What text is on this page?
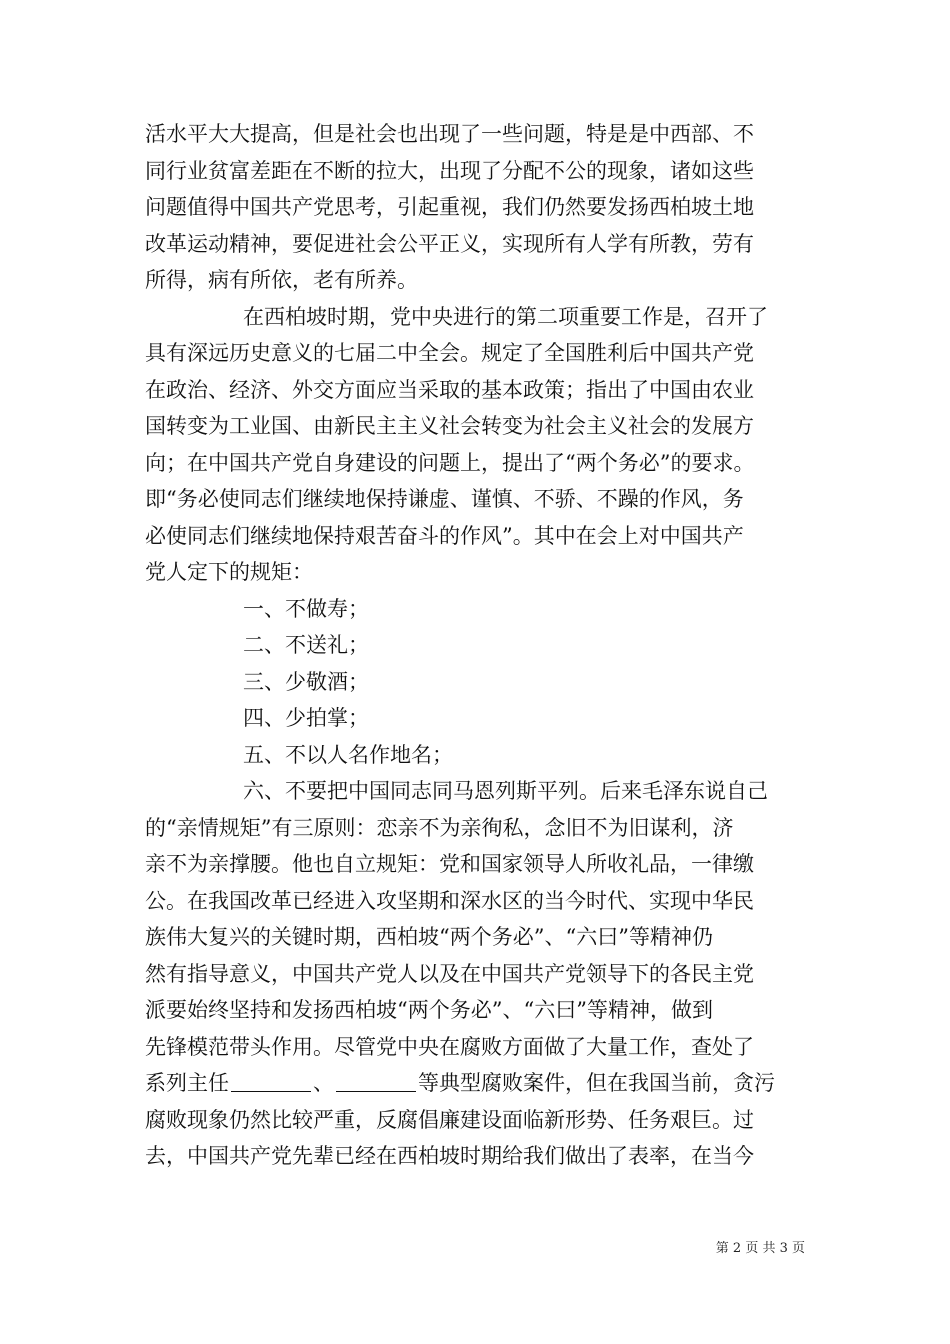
活水平大大提高，但是社会也出现了一些问题，特是是中西部、不
同行业贫富差距在不断的拉大，出现了分配不公的现象，诸如这些
问题值得中国共产党思考，引起重视，我们仍然要发扬西柏坡土地
改革运动精神，要促进社会公平正义，实现所有人学有所教，劳有
所得，病有所依，老有所养。
在西柏坡时期，党中央进行的第二项重要工作是，召开了
具有深远历史意义的七届二中全会。规定了全国胜利后中国共产党
在政治、经济、外交方面应当采取的基本政策；指出了中国由农业
国转变为工业国、由新民主主义社会转变为社会主义社会的发展方
向；在中国共产党自身建设的问题上，提出了“两个务必”的要求。
即“务必使同志们继续地保持谦虚、谨慎、不骄、不躁的作风，务
必使同志们继续地保持艰苦奋斗的作风”。其中在会上对中国共产
党人定下的规矩：
一、不做寿；
二、不送礼；
三、少敬酒；
四、少拍掌；
五、不以人名作地名；
六、不要把中国同志同马恩列斯平列。后来毛泽东说自己
的“亲情规矩”有三原则：恋亲不为亲徇私，念旧不为旧谋利，济
亲不为亲撑腰。他也自立规矩：党和国家领导人所收礼品，一律缴
公。在我国改革已经进入攻坚期和深水区的当今时代、实现中华民
族伟大复兴的关键时期，西柏坡“两个务必”、“六曰”等精神仍
然有指导意义，中国共产党人以及在中国共产党领导下的各民主党
派要始终坚持和发扬西柏坡“两个务必”、“六曰”等精神，做到
先锋模范带头作用。尽管党中央在腐败方面做了大量工作，查处了
系列主任	、	等典型腐败案件，但在我国当前，贪污
腐败现象仍然比较严重，反腐倡廉建设面临新形势、任务艰巨。过
去，中国共产党先辈已经在西柏坡时期给我们做出了表率，在当今
第 2 页 共 3 页
